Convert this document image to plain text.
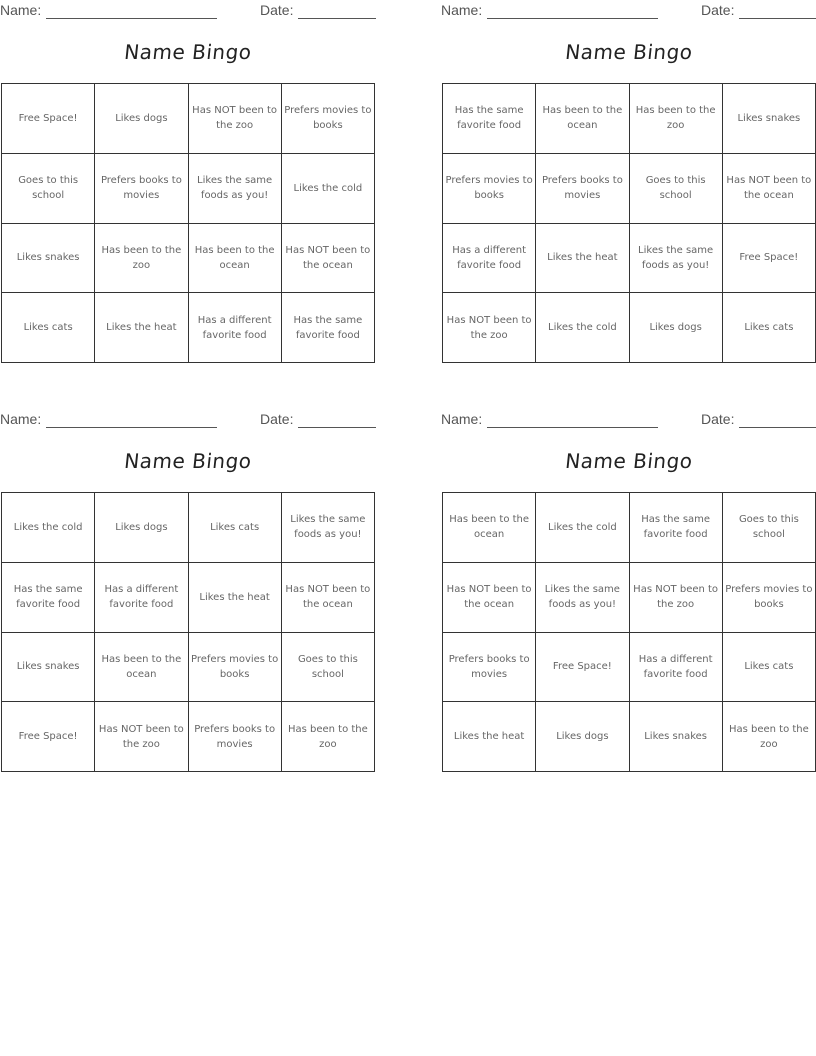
Name:	Date:
Name Bingo
Free Space!	Likes dogs	Has NOT been to the zoo	Prefers movies to books
Goes to this school	Prefers books to movies	Likes the same foods as you!	Likes the cold
Likes snakes	Has been to the zoo	Has been to the ocean	Has NOT been to the ocean
Likes cats	Likes the heat	Has a different favorite food	Has the same favorite food
Name:	Date:
Name Bingo
Has the same favorite food	Has been to the ocean	Has been to the zoo	Likes snakes
Prefers movies to books	Prefers books to movies	Goes to this school	Has NOT been to the ocean
Has a different favorite food	Likes the heat	Likes the same foods as you!	Free Space!
Has NOT been to the zoo	Likes the cold	Likes dogs	Likes cats
Name:	Date:
Name Bingo
Likes the cold	Likes dogs	Likes cats	Likes the same foods as you!
Has the same favorite food	Has a different favorite food	Likes the heat	Has NOT been to the ocean
Likes snakes	Has been to the ocean	Prefers movies to books	Goes to this school
Free Space!	Has NOT been to the zoo	Prefers books to movies	Has been to the zoo
Name:	Date:
Name Bingo
Has been to the ocean	Likes the cold	Has the same favorite food	Goes to this school
Has NOT been to the ocean	Likes the same foods as you!	Has NOT been to the zoo	Prefers movies to books
Prefers books to movies	Free Space!	Has a different favorite food	Likes cats
Likes the heat	Likes dogs	Likes snakes	Has been to the zoo
